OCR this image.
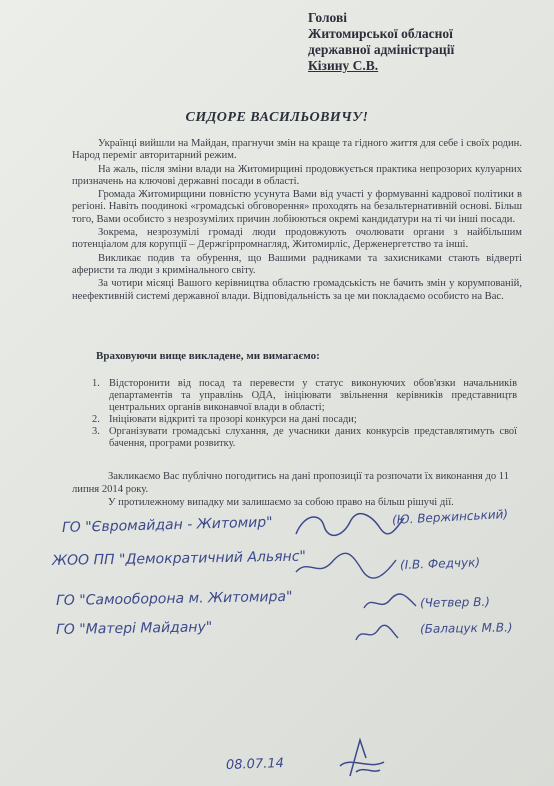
Голові
Житомирської обласної
державної адміністрації
Кізину С.В.
СИДОРЕ ВАСИЛЬОВИЧУ!

Українці вийшли на Майдан, прагнучи змін на краще та гідного життя для себе і своїх родин. Народ переміг авторитарний режим.

На жаль, після зміни влади на Житомирщині продовжується практика непрозорих кулуарних призначень на ключові державні посади в області.

Громада Житомирщини повністю усунута Вами від участі у формуванні кадрової політики в регіоні. Навіть поодинокі «громадські обговорення» проходять на безальтернативній основі. Більш того, Вами особисто з незрозумілих причин лобіюються окремі кандидатури на ті чи інші посади.

Зокрема, незрозумілі громаді люди продовжують очолювати органи з найбільшим потенціалом для корупції – Держгірпромнагляд, Житомирліс, Держенергетство та інші.

Викликає подив та обурення, що Вашими радниками та захисниками стають відверті аферисти та люди з кримінального світу.

За чотири місяці Вашого керівництва областю громадськість не бачить змін у корумпованій, неефективній системі державної влади. Відповідальність за це ми покладаємо особисто на Вас.

Враховуючи вище викладене, ми вимагаємо:
1. Відсторонити від посад та перевести у статус виконуючих обов'язки начальників департаментів та управлінь ОДА, ініціювати звільнення керівників представництв центральних органів виконавчої влади в області;
2. Ініціювати відкриті та прозорі конкурси на дані посади;
3. Організувати громадські слухання, де учасники даних конкурсів представлятимуть свої бачення, програми розвитку.

Закликаємо Вас публічно погодитись на дані пропозиції та розпочати їх виконання до 11 липня 2014 року.

У протилежному випадку ми залишаємо за собою право на більш рішучі дії.

ГО "Євромайдан - Житомир"	(Ю. Вержинський)
ЖОО ПП "Демократичний Альянс"	(І.В. Федчук)
ГО "Самооборона м. Житомира"	(Четвер В.)
ГО "Матері Майдану"	(Балацук М.В.)
08.07.14
